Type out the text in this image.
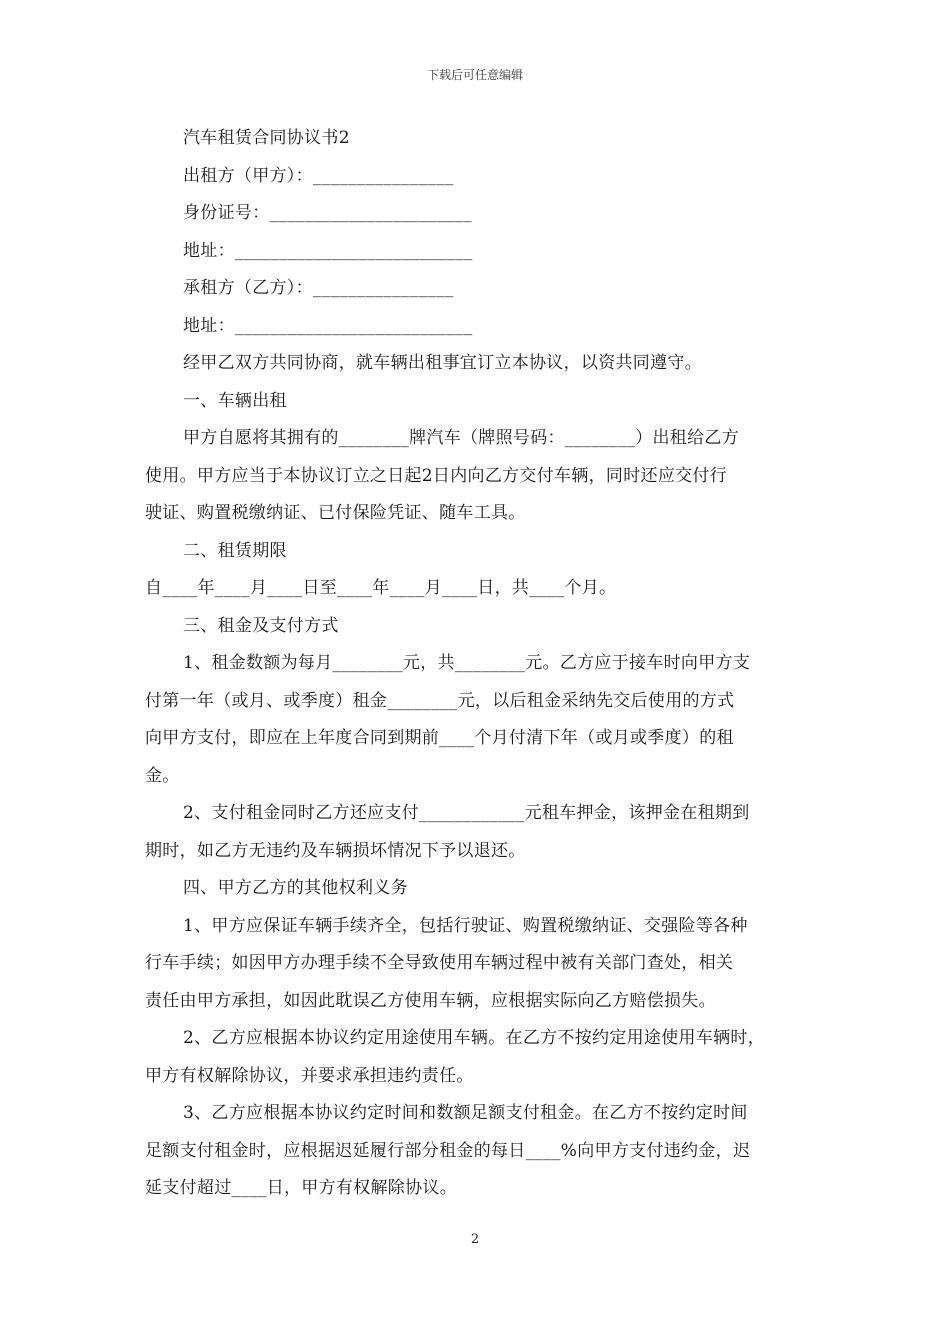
下载后可任意编辑
汽车租赁合同协议书2
出租方（甲方）：________________
身份证号：_______________________
地址：___________________________
承租方（乙方）：________________
地址：___________________________
经甲乙双方共同协商，就车辆出租事宜订立本协议，以资共同遵守。
一、车辆出租
甲方自愿将其拥有的________牌汽车（牌照号码：________）出租给乙方
使用。甲方应当于本协议订立之日起2日内向乙方交付车辆，同时还应交付行
驶证、购置税缴纳证、已付保险凭证、随车工具。
二、租赁期限
自____年____月____日至____年____月____日，共____个月。
三、租金及支付方式
1、租金数额为每月________元，共________元。乙方应于接车时向甲方支
付第一年（或月、或季度）租金________元，以后租金采纳先交后使用的方式
向甲方支付，即应在上年度合同到期前____个月付清下年（或月或季度）的租
金。
2、支付租金同时乙方还应支付____________元租车押金，该押金在租期到
期时，如乙方无违约及车辆损坏情况下予以退还。
四、甲方乙方的其他权利义务
1、甲方应保证车辆手续齐全，包括行驶证、购置税缴纳证、交强险等各种
行车手续；如因甲方办理手续不全导致使用车辆过程中被有关部门查处，相关
责任由甲方承担，如因此耽误乙方使用车辆，应根据实际向乙方赔偿损失。
2、乙方应根据本协议约定用途使用车辆。在乙方不按约定用途使用车辆时，
甲方有权解除协议，并要求承担违约责任。
3、乙方应根据本协议约定时间和数额足额支付租金。在乙方不按约定时间
足额支付租金时，应根据迟延履行部分租金的每日____%向甲方支付违约金，迟
延支付超过____日，甲方有权解除协议。
2
